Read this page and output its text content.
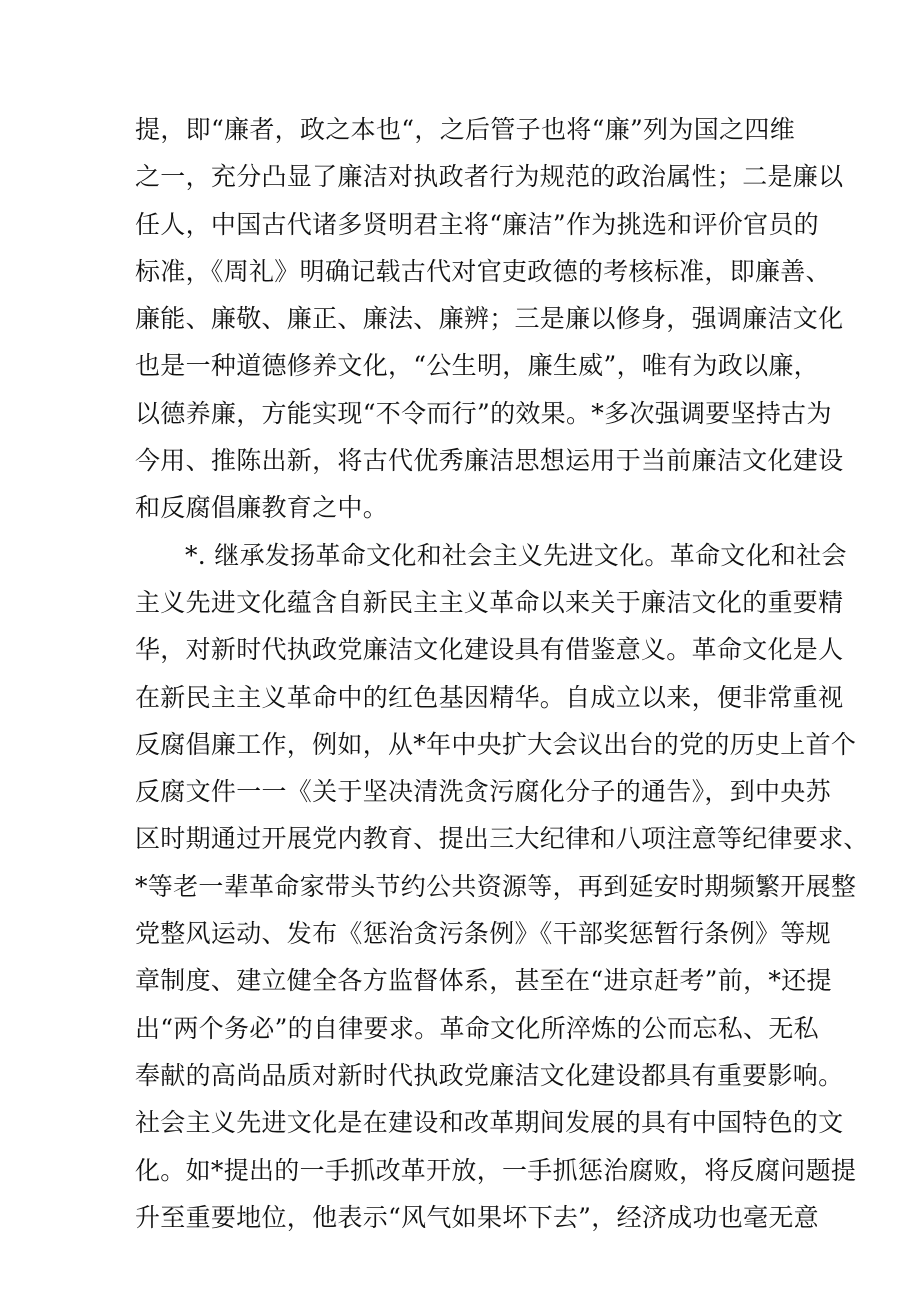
提，即“廉者，政之本也“，之后管子也将“廉”列为国之四维
之一，充分凸显了廉洁对执政者行为规范的政治属性；二是廉以
任人，中国古代诸多贤明君主将“廉洁”作为挑选和评价官员的
标准，《周礼》明确记载古代对官吏政德的考核标准，即廉善、
廉能、廉敬、廉正、廉法、廉辨；三是廉以修身，强调廉洁文化
也是一种道德修养文化，“公生明，廉生威”，唯有为政以廉，
以德养廉，方能实现“不令而行”的效果。*多次强调要坚持古为
今用、推陈出新，将古代优秀廉洁思想运用于当前廉洁文化建设
和反腐倡廉教育之中。
*. 继承发扬革命文化和社会主义先进文化。革命文化和社会
主义先进文化蕴含自新民主主义革命以来关于廉洁文化的重要精
华，对新时代执政党廉洁文化建设具有借鉴意义。革命文化是人
在新民主主义革命中的红色基因精华。自成立以来，便非常重视
反腐倡廉工作，例如，从*年中央扩大会议出台的党的历史上首个
反腐文件一一《关于坚决清洗贪污腐化分子的通告》，到中央苏
区时期通过开展党内教育、提出三大纪律和八项注意等纪律要求、
*等老一辈革命家带头节约公共资源等，再到延安时期频繁开展整
党整风运动、发布《惩治贪污条例》《干部奖惩暂行条例》等规
章制度、建立健全各方监督体系，甚至在“进京赶考”前，*还提
出“两个务必”的自律要求。革命文化所淬炼的公而忘私、无私
奉献的高尚品质对新时代执政党廉洁文化建设都具有重要影响。
社会主义先进文化是在建设和改革期间发展的具有中国特色的文
化。如*提出的一手抓改革开放，一手抓惩治腐败，将反腐问题提
升至重要地位，他表示“风气如果坏下去”，经济成功也毫无意
